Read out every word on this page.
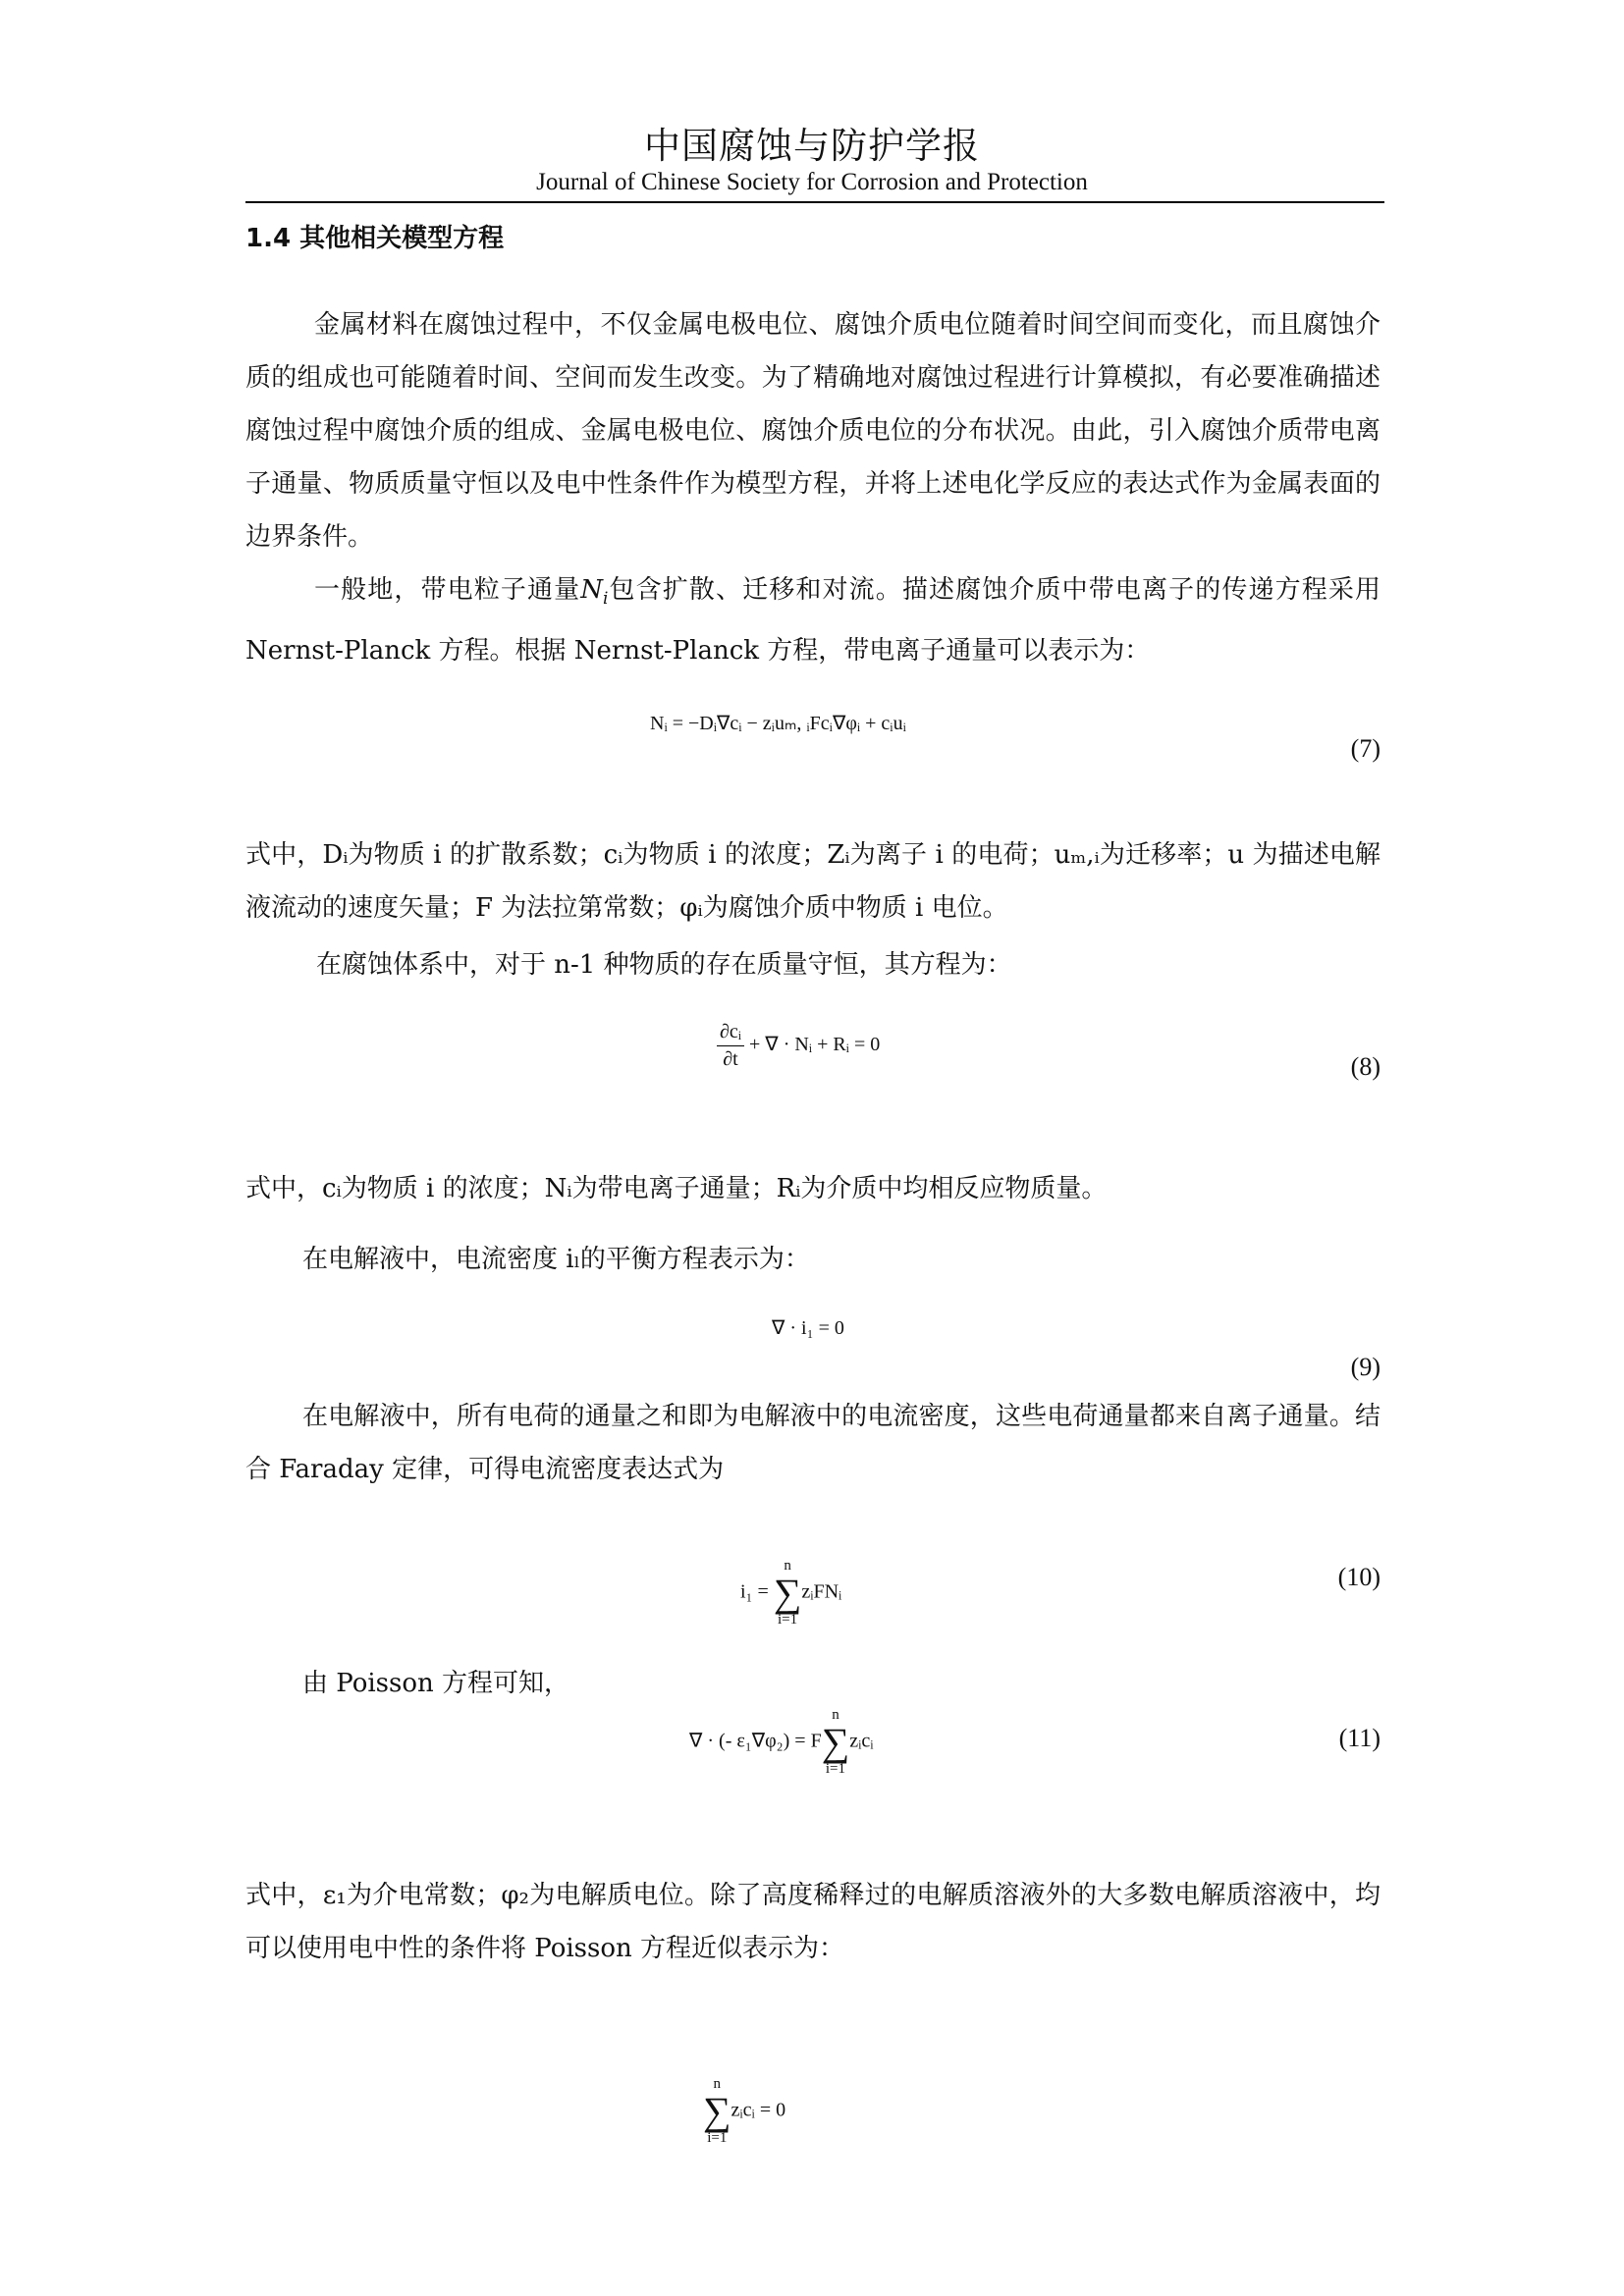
中国腐蚀与防护学报
Journal of Chinese Society for Corrosion and Protection
1.4 其他相关模型方程
金属材料在腐蚀过程中，不仅金属电极电位、腐蚀介质电位随着时间空间而变化，而且腐蚀介质的组成也可能随着时间、空间而发生改变。为了精确地对腐蚀过程进行计算模拟，有必要准确描述腐蚀过程中腐蚀介质的组成、金属电极电位、腐蚀介质电位的分布状况。由此，引入腐蚀介质带电离子通量、物质质量守恒以及电中性条件作为模型方程，并将上述电化学反应的表达式作为金属表面的边界条件。
一般地，带电粒子通量$N_i$包含扩散、迁移和对流。描述腐蚀介质中带电离子的传递方程采用 Nernst-Planck 方程。根据 Nernst-Planck 方程，带电离子通量可以表示为：
Nᵢ = −Dᵢ∇cᵢ − zᵢuₘ, ᵢFcᵢ∇φᵢ + cᵢuᵢ
(7)
式中，Dᵢ为物质 i 的扩散系数；cᵢ为物质 i 的浓度；Zᵢ为离子 i 的电荷；uₘ,ᵢ为迁移率；u 为描述电解液流动的速度矢量；F 为法拉第常数；φᵢ为腐蚀介质中物质 i 电位。
在腐蚀体系中，对于 n-1 种物质的存在质量守恒，其方程为：
$\frac{\text{∂cᵢ}}{\partial t}$ + ∇ · Nᵢ + Rᵢ = 0
(8)
式中，cᵢ为物质 i 的浓度；Nᵢ为带电离子通量；Rᵢ为介质中均相反应物质量。
在电解液中，电流密度 iₗ的平衡方程表示为：
∇ · i₁ = 0
(9)
在电解液中，所有电荷的通量之和即为电解液中的电流密度，这些电荷通量都来自离子通量。结合 Faraday 定律，可得电流密度表达式为
i₁ =
n
∑
i=1
zᵢFNᵢ
(10)
由 Poisson 方程可知，
∇ · (- ε₁∇φ₂) = F
n
∑
i=1
zᵢcᵢ	(11)
式中，ε₁为介电常数；φ₂为电解质电位。除了高度稀释过的电解质溶液外的大多数电解质溶液中，均可以使用电中性的条件将 Poisson 方程近似表示为：
n
∑
i=1
zᵢcᵢ = 0
